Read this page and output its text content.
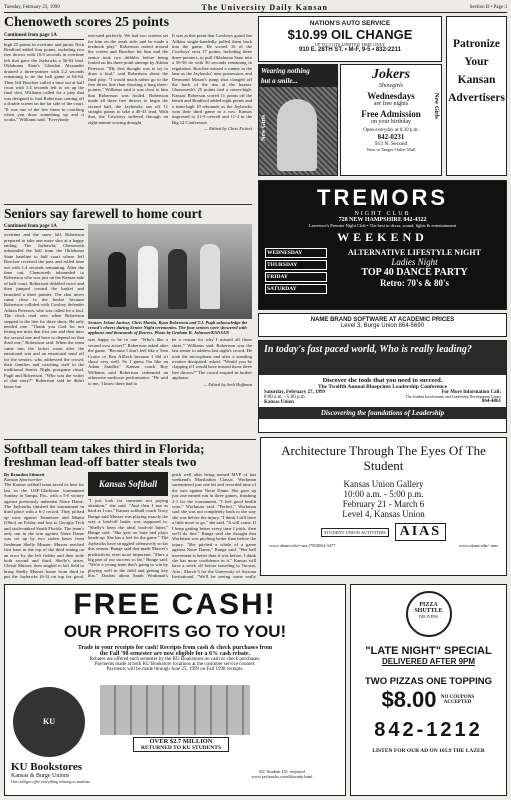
Tuesday, February 23, 1999	The University Daily Kansan	Section B • Page 3
Chenoweth scores 25 points
Continued from page 1A

high 25 points in overtime and junior Nick Bradford added four points, including two free throws with 16.9 seconds in overtime left that gave the Jayhawks a 56-63 lead. Oklahoma State's Glendon Alexander drained a three-pointer with 2.2 seconds remaining to tie the ball game at 64-64. Then Jeff Boschee called a time out at half court with 1.4 seconds left to set up the final shot. Williams called for a play that was designed to find Robertson coming off a double screen on the far side of the court. "It was one of the few times in coaching when you draw something up and it works," Williams said. "Everybody

executed perfectly. We had two screens set for him on the weak side, and he made a textbook play." Robertson curled around the screen and Boschee hit him and the senior took two dribbles before being fouled on his three-point attempt by Adrian Peterson. "My first thought was to try to draw a foul," said Robertson about the final play. "I would much rather go to the free throw line than shooting a long three-pointer." Williams said it was clear to him that Robertson was fouled. Robertson made all three free throws to begin the second half, the Jayhawks ran off 11 straight points to take a 40-33 lead. With that, the Cowboys suffered through an eight minute scoring drought.

It was at this point that Cowboys guard Joe Adkins single-handedly pulled them back into the game. He scored 16 of the Cowboys' next 17 points, including three three-pointers, to pull Oklahoma State into a 56-56 tie with 30 seconds remaining in regulation. Boschee missed a runner in the lane as the Jayhawks' next possession, and Desmond Mason's jump shot clanged off the back of the rim at the buzzer. Chenoweth's 25 points tied a career-high. Kansas' Roberson scored 11 points off the bench and Bradford added eight points and a team-high 10 rebounds as the Jayhawks won their third game in a row. Kansas improved to 21-9 overall and 11-4 in the Big 12 Conference.

— Edited by Chris Fickett

Seniors say farewell to home court
Continued from page 1A

overtime and the snow fall, Robertson prepared to take one more shot at a happy ending. The Jayhawks' Chenoweth inbounded the ball from the Oklahoma State baseline to half court where Jeff Boschee received the pass and rolled time out with 1.4 seconds remaining. After the time out, Chenoweth inbounded to Robertson who was just on the Kansas side of half court. Robertson dribbled twice and then jumped toward the basket and launched a three pointer. The shot never came close to the basket because Robertson collided with Cowboy defender Adrian Peterson, who was called for a foul. The clock read zero when Robertson stepped to the line for three shots. He only needed one. "Thank you God for not letting me miss that first one and then miss the second one and have to depend on that third one," Robertson said. When the team came into the locker room after the emotional win and an emotional send off for the seniors, who addressed the crowd, their families and coaching staff in the traditional Senior Night postgame ritual, Pugh and Robertson. "Who was the writer of that story?" Robertson said he didn't know but

Seniors Jelani Janisse, Chris Martin, Ryan Robertson and T.J. Pugh acknowledge the crowd's cheers during Senior Night ceremonies. The four seniors were showered with applause and thousands of flowers. Photo by Graham R. Johnson/KANSAN

was happy to be in one. "Who's like a second own actors?" Robertson asked after the game. "Because I don't feel like a Tom Cruise or Ben Affleck because I did n't shoot very well. So I guess I'm like an Adam Sandler." Kansas coach Roy Williams said Robertson redeemed an otherwise mediocre performance. "He said to me, 'I know there had to

be a reason for why I missed all those shots,'" Williams said. Robertson was the last senior to address last night's crowd. He took the microphone and after a standing ovation dissipated, asked, "Would you be clapping if I would have missed those three free throws?" The crowd erupted in further applause.

— Edited by Seth Hoffman

Softball team takes third in Florida; freshman lead-off batter steals two
By Brandon Stinnett
Kansan Sportswriter

The Kansas softball team saved its best for last in the USF-Gladstone tournament Sunday in Tampa, Fla., with a 5-0 victory against previously unbeaten Notre Dame. The Jayhawks finished the tournament in third place with a 6-2 record. They picked up wins against Tennessee and Miami (Ohio) on Friday and lost to Georgia Tech and sixth-ranked South Florida. The team's only run in the win against Notre Dame was set up by two stolen bases from freshman Shelly Musser. Musser reached first base in the top of the third inning on an error by the left fielder and then stole both second and third. Shelly's sister, Christi Musser, then singled to left field to bring Shelly Musser home from third to put the Jayhawks (6-3) on top for good.

Kansas Softball

"I just look for someone not paying attention," she said. "And then I run as hard as I can." Kansas softball coach Tracy Bunge said Musser was playing exactly the way a lead-off batter was supposed to. "Shelly's been the ideal lead-off hitter," Bunge said. "She gets on base and plays heads-up. She has a feel for the game." The Jayhawks have struggled offensively so far this season. Bunge said that made Musser's productivity even more important. "She's a big part of our success so far," Bunge said. "We're a young team that's going to win by playing well in the field and getting key hits." Doubts about Sarah Workman's

pitch well after being named MVP of last weekend's Marshalton Classic. Workman surrendered just one hit and recorded nine of the outs against Notre Dame. She gave up just one earned run in three games, finishing 2-1 for the tournament. "I feel good health wise," Workman said. "Perfect." Workman said she was not completely back to the way she was before the injury. "I think I still have a little more to go," she said. "It will come. If I keep getting better every time I pitch, then we'll do fine." Bunge said she thought that Workman was pitching better than before the injury. "She pitched a whale of a game against Notre Dame," Bunge said. "Her ball movement is better than it was before. I think she has more confidence in it." Kansas will have a week off before traveling to Tucson, Ariz., March 5 for the University of Arizona Invitational. "We'll be seeing some really

NATION'S AUTO SERVICE
$10.99 OIL CHANGE
UP TO 5 QTS LIMITED TIME ONLY
910 E. 28TH ST. • M-F, 9-5 • 832-2211
Wearing nothing
but a smile...
New Girls
Jokers
Showgirls
Wednesdays
are free nights
Free Admission
on your birthday
Open everyday at 6:30 p.m.
842-0231
913 N. Second
Next to Tanger Outlet Mall
New Girls
Patronize Your Kansan Advertisers
TREMORS
NIGHT CLUB
728 NEW HAMPSHIRE 842-4322
Lawrence's Premier Night Club • The best in decor, sound, lights & entertainment
WEEKEND
WEDNESDAY
THURSDAY
FRIDAY
SATURDAY
ALTERNATIVE LIFESTYLE NIGHT
Ladies Night
TOP 40 DANCE PARTY
Retro: 70's & 80's
NAME BRAND SOFTWARE AT ACADEMIC PRICES
Level 3, Burge Union 864-5690
In today's fast paced world, Who is really leading?
Discover the tools that you need to succeed.
The Twelfth Annual Blueprints Leadership Conference
Saturday, February 27, 1999
8:00 a.m. - 5:00 p.m.
Kansas Union
For More Information Call:
The Student Involvement and Leadership Development Center
864-4861
Discovering the foundations of Leadership
Architecture Through The Eyes Of The Student
Kansas Union Gallery
10:00 a.m. - 5:00 p.m.
February 21 - March 6
Level 4, Kansas Union
STUDENT UNION ACTIVITIES	AIAS
www.ukans.edu/~sua (785)864-3477	www.ukans.edu/~aias
FREE CASH!
OUR PROFITS GO TO YOU!
Trade in your receipts for cash! Receipts from cash & check purchases from
the Fall '98 semester are now eligible for a 6% cash rebate.
Rebates are offered each semester by the KU Bookstores on cash or check purchases.
Payments made at both KU Bookstore locations at the customer service counter.
Payments will be made through June 25, 1999 on Fall 1998 receipts.
KU
OVER $2.7 MILLION
RETURNED TO KU STUDENTS
KU Bookstores
Kansas & Burge Unions
Our colleges offer everything relating to students.
KU Student I.D. required
www.jayhawks.com/hkstudy.html
PIZZA
SHUTTLE
DELIVERS
"LATE NIGHT" SPECIAL
DELIVERED AFTER 9PM
TWO PIZZAS ONE TOPPING
$8.00 NO COUPONS ACCEPTED
842-1212
LISTEN FOR OUR AD ON 105.9 THE LAZER
